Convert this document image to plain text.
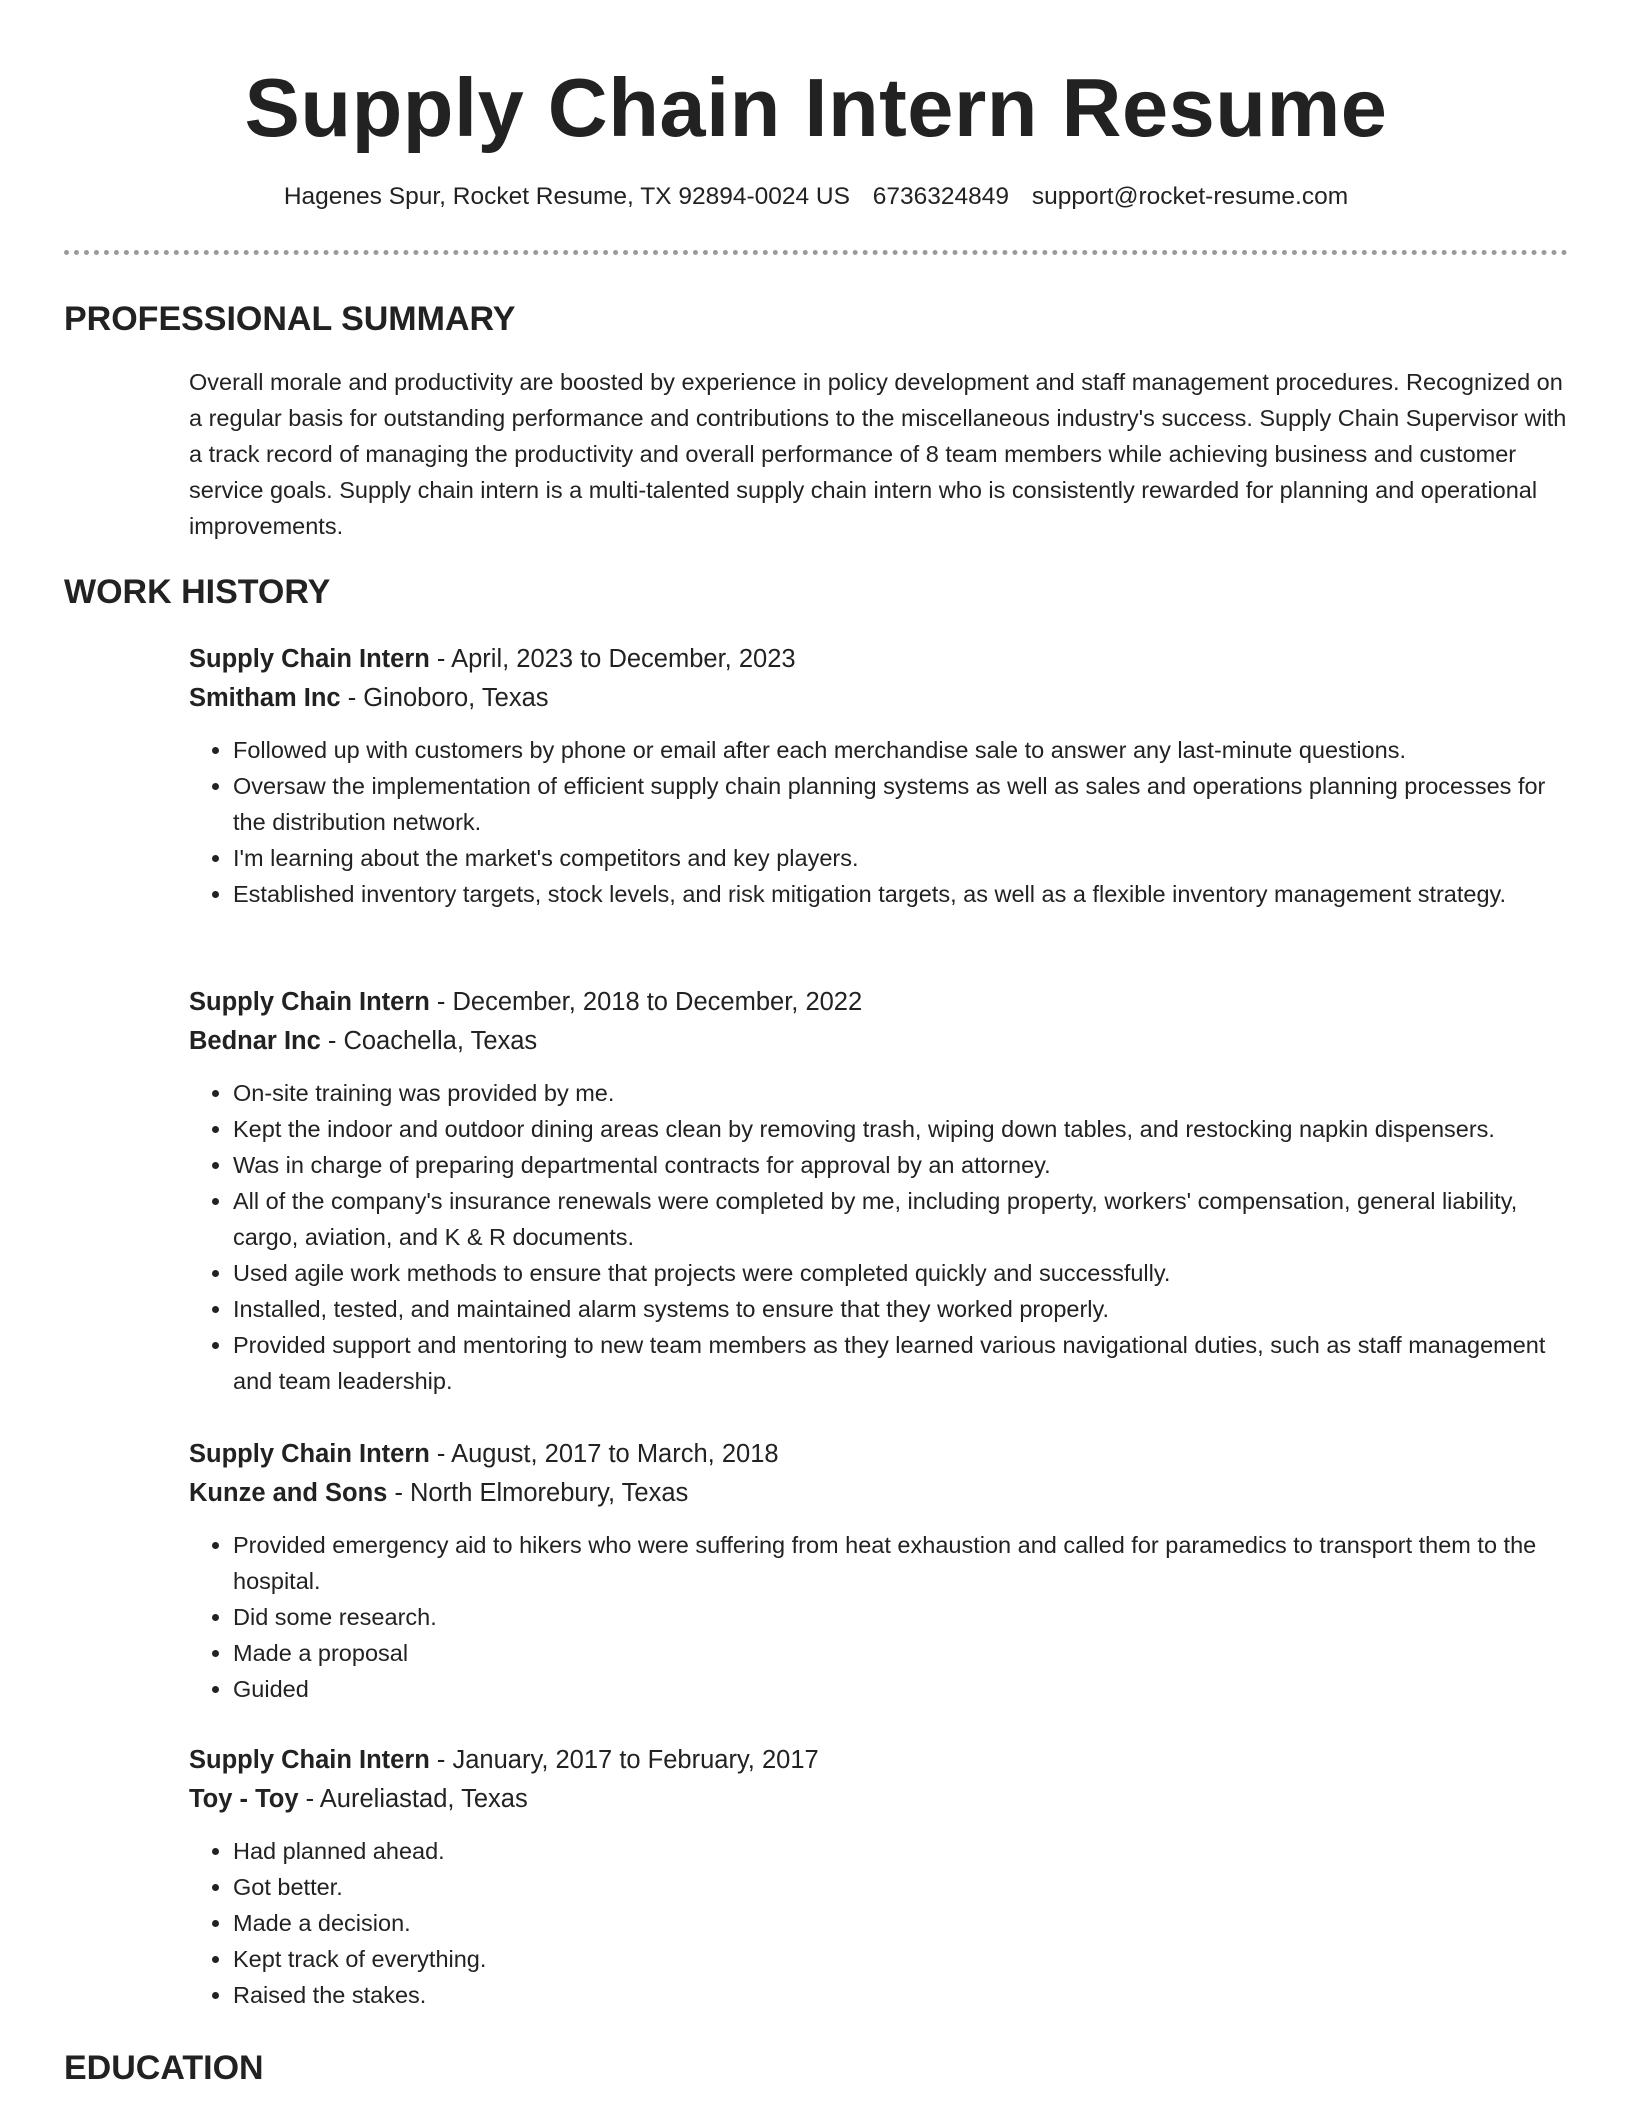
Supply Chain Intern Resume

Hagenes Spur, Rocket Resume, TX 92894-0024 US 6736324849 support@rocket-resume.com

PROFESSIONAL SUMMARY

Overall morale and productivity are boosted by experience in policy development and staff management procedures. Recognized on a regular basis for outstanding performance and contributions to the miscellaneous industry's success. Supply Chain Supervisor with a track record of managing the productivity and overall performance of 8 team members while achieving business and customer service goals. Supply chain intern is a multi-talented supply chain intern who is consistently rewarded for planning and operational improvements.

WORK HISTORY

Supply Chain Intern - April, 2023 to December, 2023

Smitham Inc - Ginoboro, Texas

• Followed up with customers by phone or email after each merchandise sale to answer any last-minute questions.
• Oversaw the implementation of efficient supply chain planning systems as well as sales and operations planning processes for the distribution network.
• I'm learning about the market's competitors and key players.
• Established inventory targets, stock levels, and risk mitigation targets, as well as a flexible inventory management strategy.

Supply Chain Intern - December, 2018 to December, 2022

Bednar Inc - Coachella, Texas

• On-site training was provided by me.
• Kept the indoor and outdoor dining areas clean by removing trash, wiping down tables, and restocking napkin dispensers.
• Was in charge of preparing departmental contracts for approval by an attorney.
• All of the company's insurance renewals were completed by me, including property, workers' compensation, general liability, cargo, aviation, and K & R documents.
• Used agile work methods to ensure that projects were completed quickly and successfully.
• Installed, tested, and maintained alarm systems to ensure that they worked properly.
• Provided support and mentoring to new team members as they learned various navigational duties, such as staff management and team leadership.

Supply Chain Intern - August, 2017 to March, 2018

Kunze and Sons - North Elmorebury, Texas

• Provided emergency aid to hikers who were suffering from heat exhaustion and called for paramedics to transport them to the hospital.
• Did some research.
• Made a proposal
• Guided

Supply Chain Intern - January, 2017 to February, 2017

Toy - Toy - Aureliastad, Texas

• Had planned ahead.
• Got better.
• Made a decision.
• Kept track of everything.
• Raised the stakes.
EDUCATION
